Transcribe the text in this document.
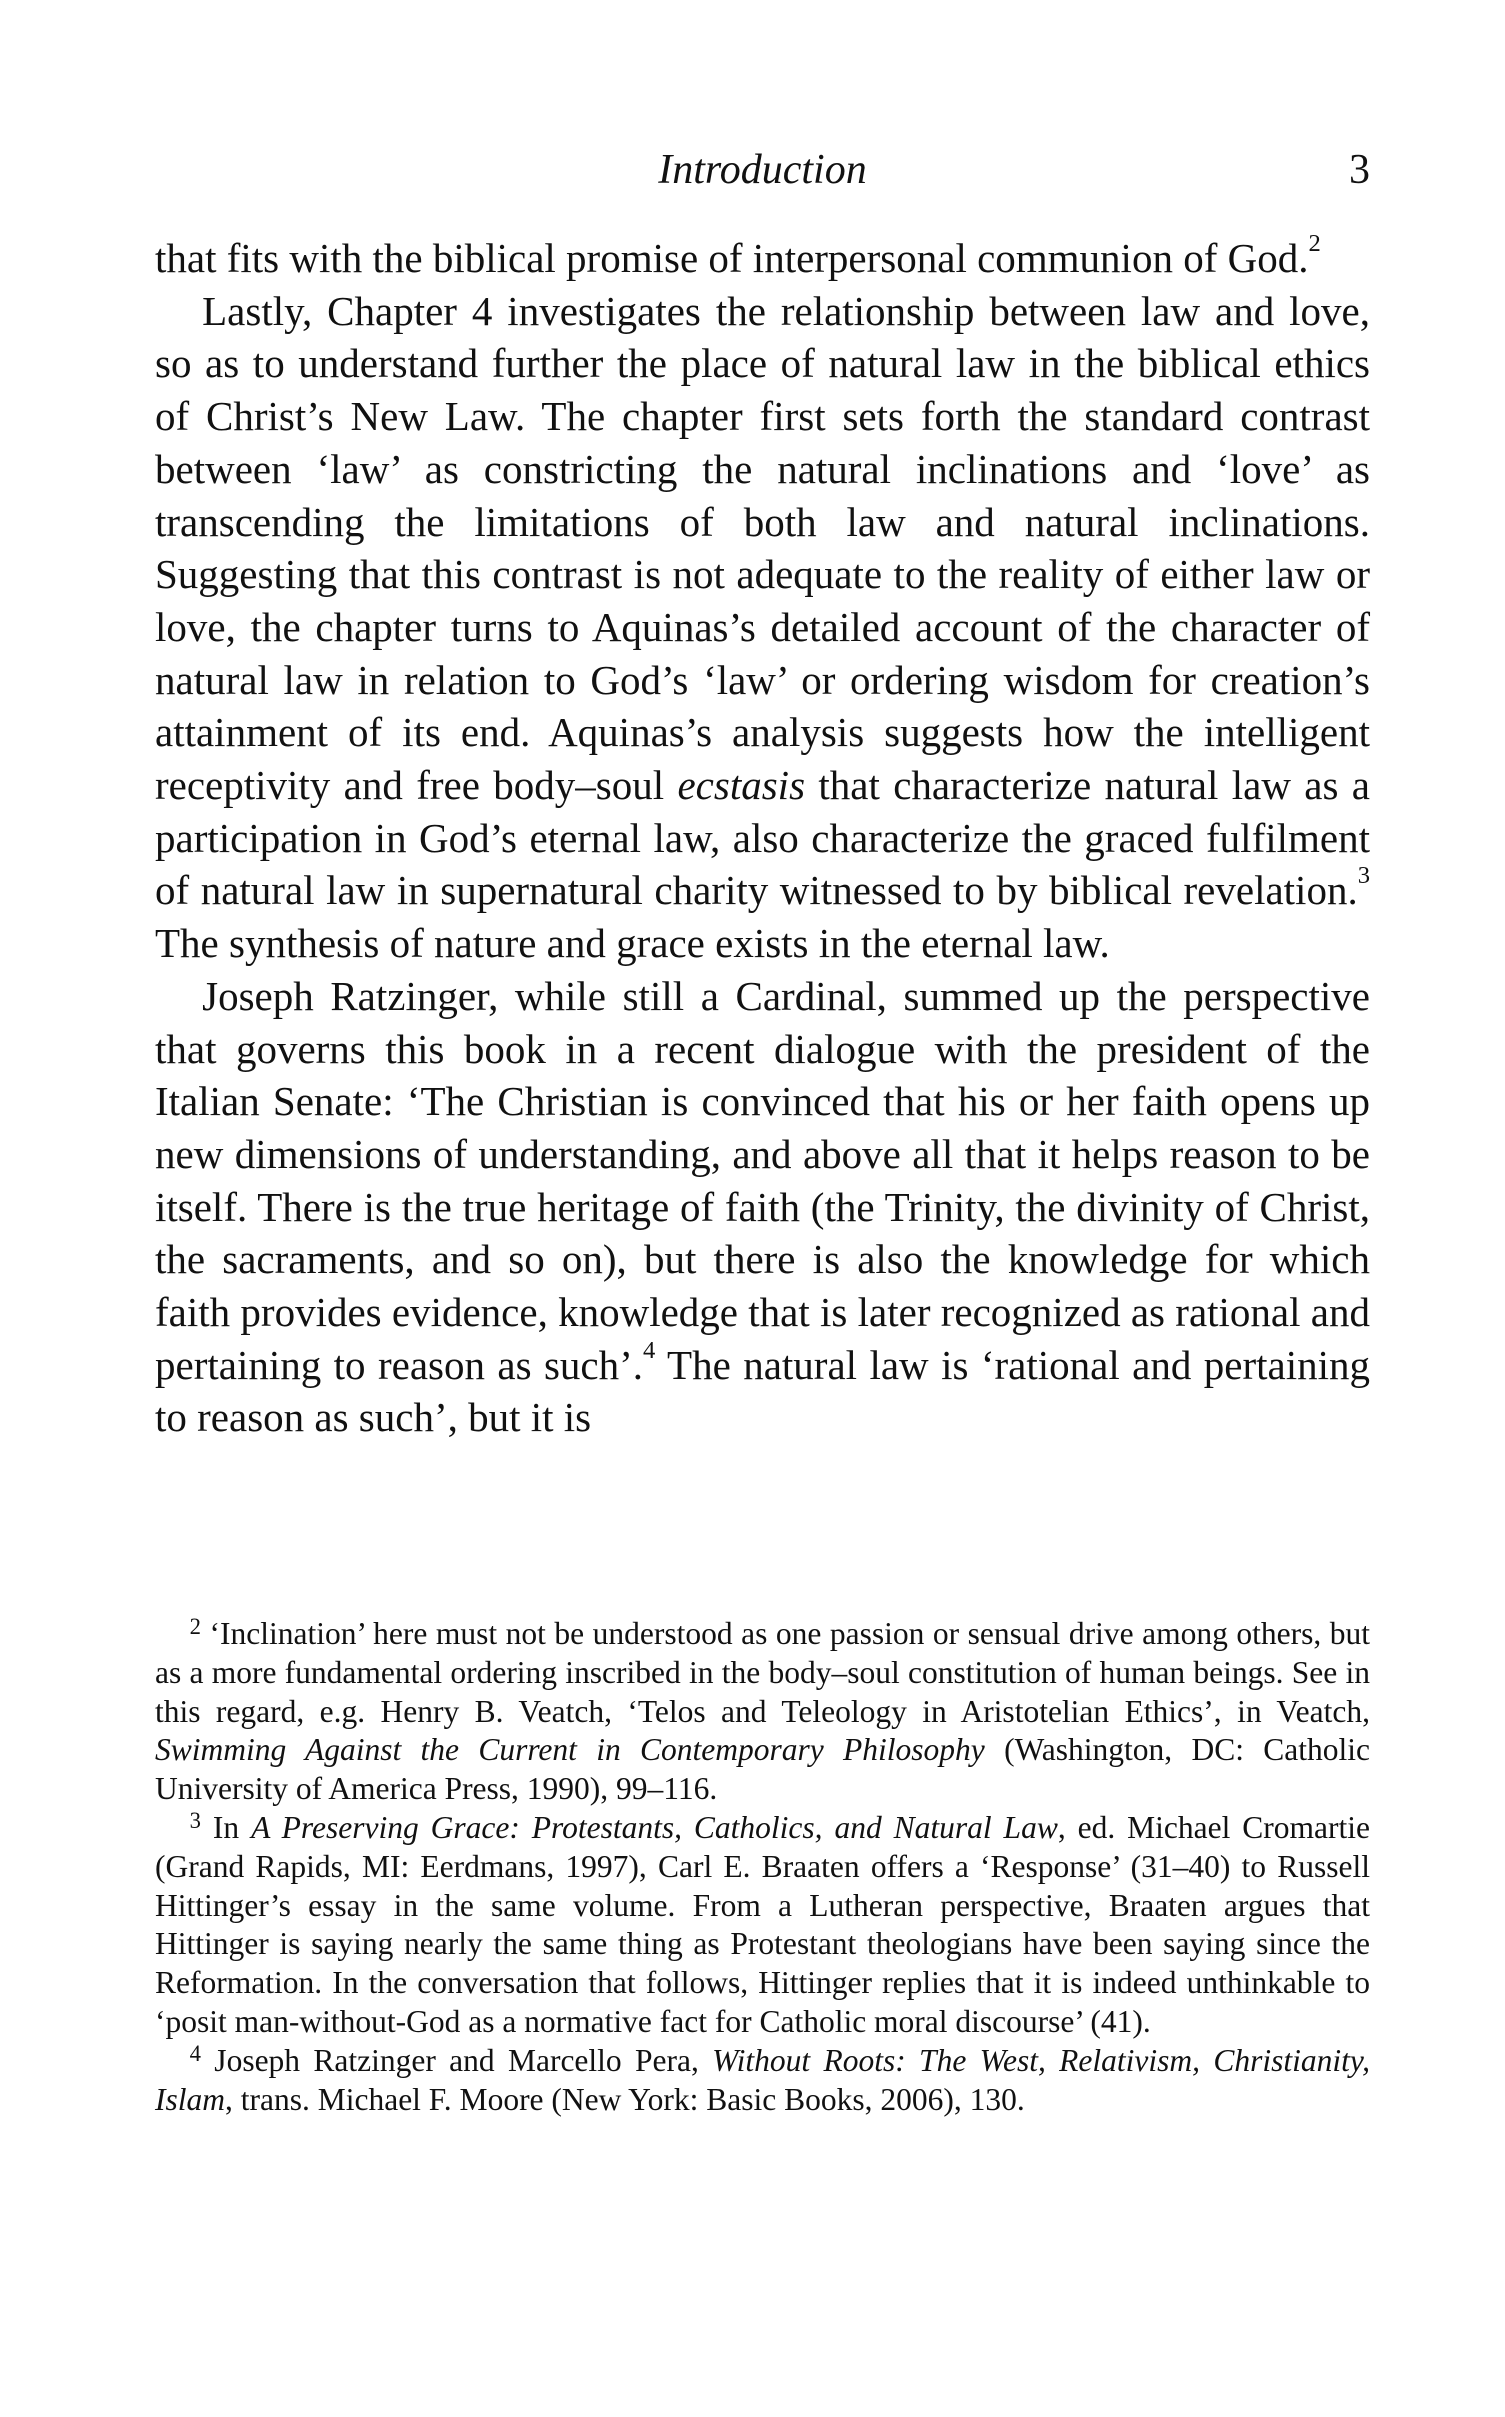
Introduction	3

that fits with the biblical promise of interpersonal communion of God.$^2$

Lastly, Chapter 4 investigates the relationship between law and love, so as to understand further the place of natural law in the biblical ethics of Christ’s New Law. The chapter first sets forth the standard contrast between ‘law’ as constricting the natural inclinations and ‘love’ as transcending the limitations of both law and natural inclinations. Suggesting that this contrast is not adequate to the reality of either law or love, the chapter turns to Aquinas’s detailed account of the character of natural law in relation to God’s ‘law’ or ordering wisdom for creation’s attainment of its end. Aquinas’s analysis suggests how the intelligent receptivity and free body–soul ecstasis that characterize natural law as a participation in God’s eternal law, also characterize the graced fulfilment of natural law in supernatural charity witnessed to by biblical revelation.$^3$ The synthesis of nature and grace exists in the eternal law.

Joseph Ratzinger, while still a Cardinal, summed up the perspective that governs this book in a recent dialogue with the president of the Italian Senate: ‘The Christian is convinced that his or her faith opens up new dimensions of understanding, and above all that it helps reason to be itself. There is the true heritage of faith (the Trinity, the divinity of Christ, the sacraments, and so on), but there is also the knowledge for which faith provides evidence, knowledge that is later recognized as rational and pertaining to reason as such’.$^4$ The natural law is ‘rational and pertaining to reason as such’, but it is

$^2$ ‘Inclination’ here must not be understood as one passion or sensual drive among others, but as a more fundamental ordering inscribed in the body–soul constitution of human beings. See in this regard, e.g. Henry B. Veatch, ‘Telos and Teleology in Aristotelian Ethics’, in Veatch, Swimming Against the Current in Contemporary Philosophy (Washington, DC: Catholic University of America Press, 1990), 99–116.

$^3$ In A Preserving Grace: Protestants, Catholics, and Natural Law, ed. Michael Cromartie (Grand Rapids, MI: Eerdmans, 1997), Carl E. Braaten offers a ‘Response’ (31–40) to Russell Hittinger’s essay in the same volume. From a Lutheran perspective, Braaten argues that Hittinger is saying nearly the same thing as Protestant theologians have been saying since the Reformation. In the conversation that follows, Hittinger replies that it is indeed unthinkable to ‘posit man-without-God as a normative fact for Catholic moral discourse’ (41).

$^4$ Joseph Ratzinger and Marcello Pera, Without Roots: The West, Relativism, Christianity, Islam, trans. Michael F. Moore (New York: Basic Books, 2006), 130.
